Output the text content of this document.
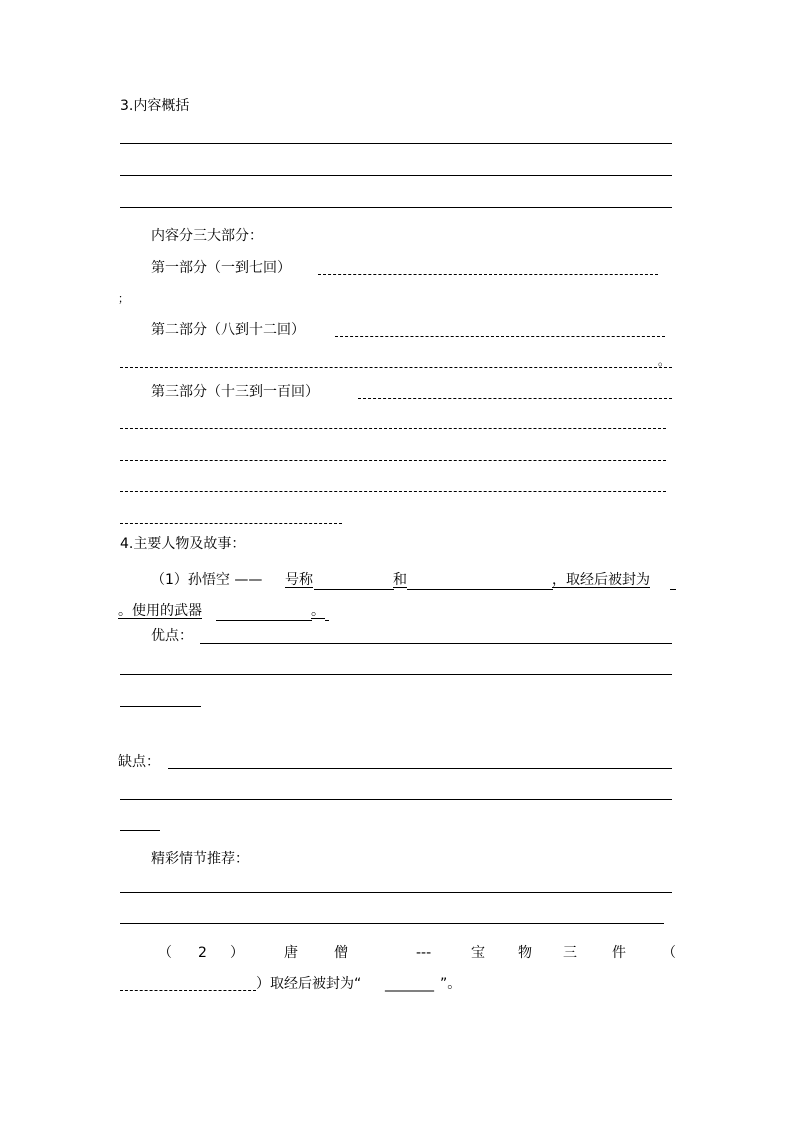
3.内容概括
内容分三大部分：
第一部分（一到七回）
；
第二部分（八到十二回）
。
第三部分（十三到一百回）
4.主要人物及故事：
（1）孙悟空 —— 号称	和	，取经后被封为
。使用的武器	。
优点：
缺点：
精彩情节推荐：
（ 2 ）	唐	僧	---	宝 物 三	件	（
）取经后被封为“ _______ ”。
